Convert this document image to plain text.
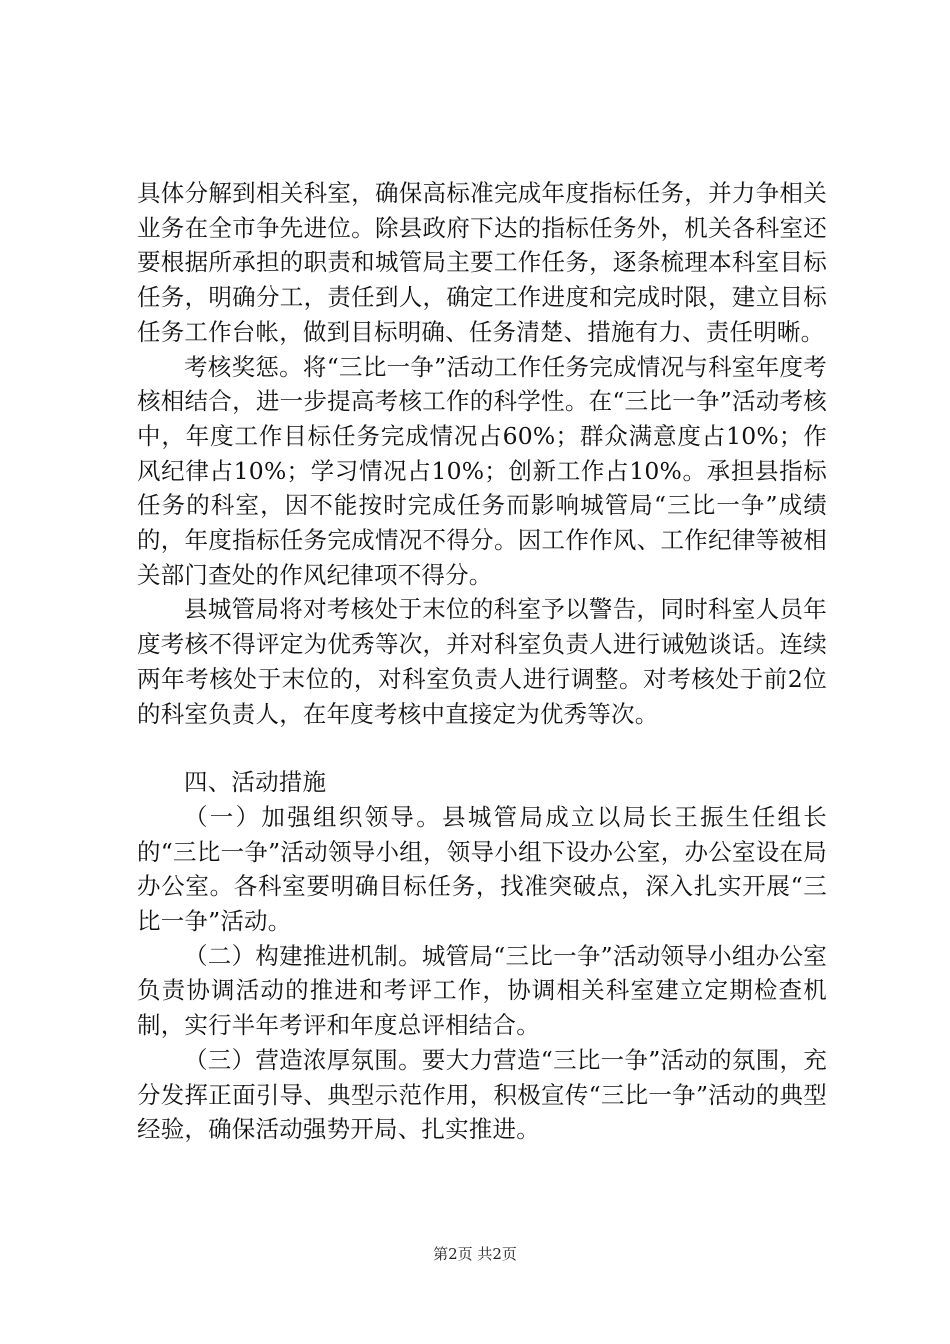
具体分解到相关科室，确保高标准完成年度指标任务，并力争相关业务在全市争先进位。除县政府下达的指标任务外，机关各科室还要根据所承担的职责和城管局主要工作任务，逐条梳理本科室目标任务，明确分工，责任到人，确定工作进度和完成时限，建立目标任务工作台帐，做到目标明确、任务清楚、措施有力、责任明晰。

考核奖惩。将“三比一争”活动工作任务完成情况与科室年度考核相结合，进一步提高考核工作的科学性。在“三比一争”活动考核中，年度工作目标任务完成情况占60%；群众满意度占10%；作风纪律占10%；学习情况占10%；创新工作占10%。承担县指标任务的科室，因不能按时完成任务而影响城管局“三比一争”成绩的，年度指标任务完成情况不得分。因工作作风、工作纪律等被相关部门查处的作风纪律项不得分。

县城管局将对考核处于末位的科室予以警告，同时科室人员年度考核不得评定为优秀等次，并对科室负责人进行诫勉谈话。连续两年考核处于末位的，对科室负责人进行调整。对考核处于前2位的科室负责人，在年度考核中直接定为优秀等次。

四、活动措施

（一）加强组织领导。县城管局成立以局长王振生任组长的“三比一争”活动领导小组，领导小组下设办公室，办公室设在局办公室。各科室要明确目标任务，找准突破点，深入扎实开展“三比一争”活动。

（二）构建推进机制。城管局“三比一争”活动领导小组办公室负责协调活动的推进和考评工作，协调相关科室建立定期检查机制，实行半年考评和年度总评相结合。

（三）营造浓厚氛围。要大力营造“三比一争”活动的氛围，充分发挥正面引导、典型示范作用，积极宣传“三比一争”活动的典型经验，确保活动强势开局、扎实推进。

第2页 共2页
